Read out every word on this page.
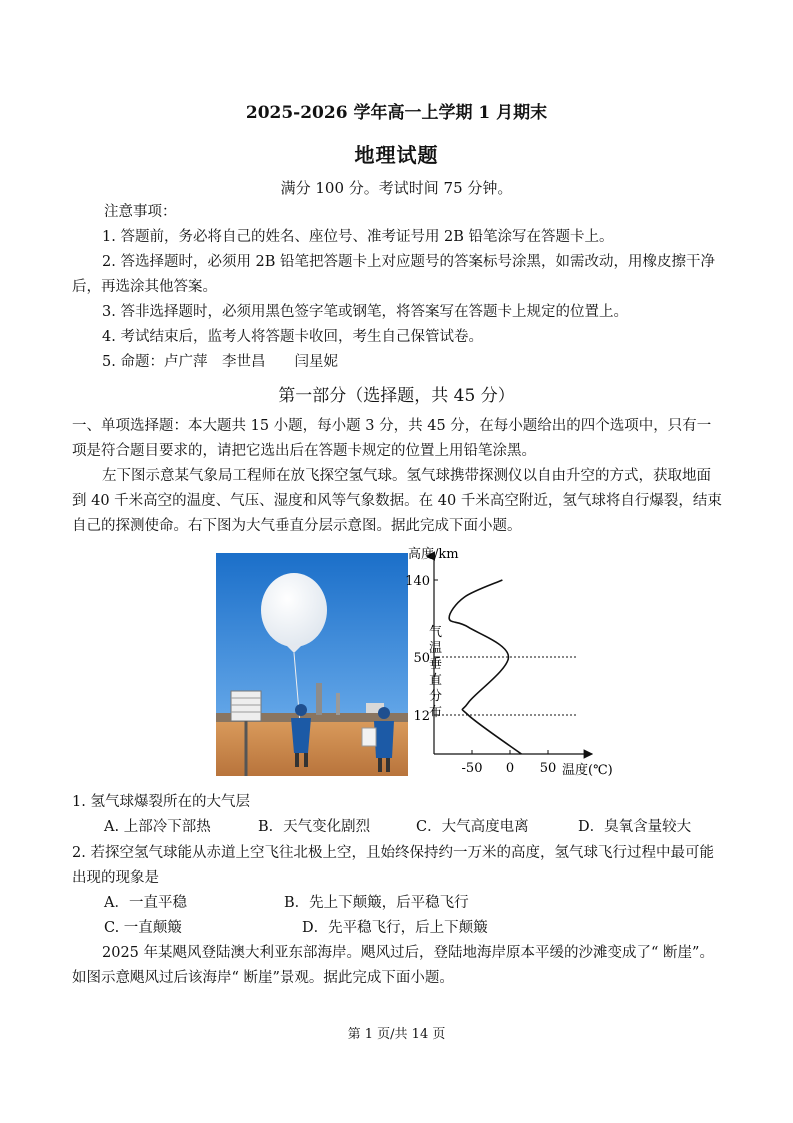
2025-2026 学年高一上学期 1 月期末
地理试题
满分 100 分。考试时间 75 分钟。
注意事项：
1. 答题前，务必将自己的姓名、座位号、准考证号用 2B 铅笔涂写在答题卡上。
2. 答选择题时，必须用 2B 铅笔把答题卡上对应题号的答案标号涂黑，如需改动，用橡皮擦干净后，再选涂其他答案。
3. 答非选择题时，必须用黑色签字笔或钢笔，将答案写在答题卡上规定的位置上。
4. 考试结束后，监考人将答题卡收回，考生自己保管试卷。
5. 命题：卢广萍　李世昌　　闫星妮
第一部分（选择题，共 45 分）
一、单项选择题：本大题共 15 小题，每小题 3 分，共 45 分，在每小题给出的四个选项中，只有一项是符合题目要求的，请把它选出后在答题卡规定的位置上用铅笔涂黑。
左下图示意某气象局工程师在放飞探空氢气球。氢气球携带探测仪以自由升空的方式，获取地面到 40 千米高空的温度、气压、湿度和风等气象数据。在 40 千米高空附近，氢气球将自行爆裂，结束自己的探测使命。右下图为大气垂直分层示意图。据此完成下面小题。
高度/km
温度(℃)
12
50
140
-50 0 50
气
温
垂
直
分
布
1. 氢气球爆裂所在的大气层
A. 上部冷下部热	B．天气变化剧烈	C．大气高度电离	D．臭氧含量较大
2. 若探空氢气球能从赤道上空飞往北极上空，且始终保持约一万米的高度，氢气球飞行过程中最可能出现的现象是
A．一直平稳	B．先上下颠簸，后平稳飞行
C. 一直颠簸	D．先平稳飞行，后上下颠簸
2025 年某飓风登陆澳大利亚东部海岸。飓风过后，登陆地海岸原本平缓的沙滩变成了“ 断崖”。如图示意飓风过后该海岸“ 断崖”景观。据此完成下面小题。
第 1 页/共 14 页
